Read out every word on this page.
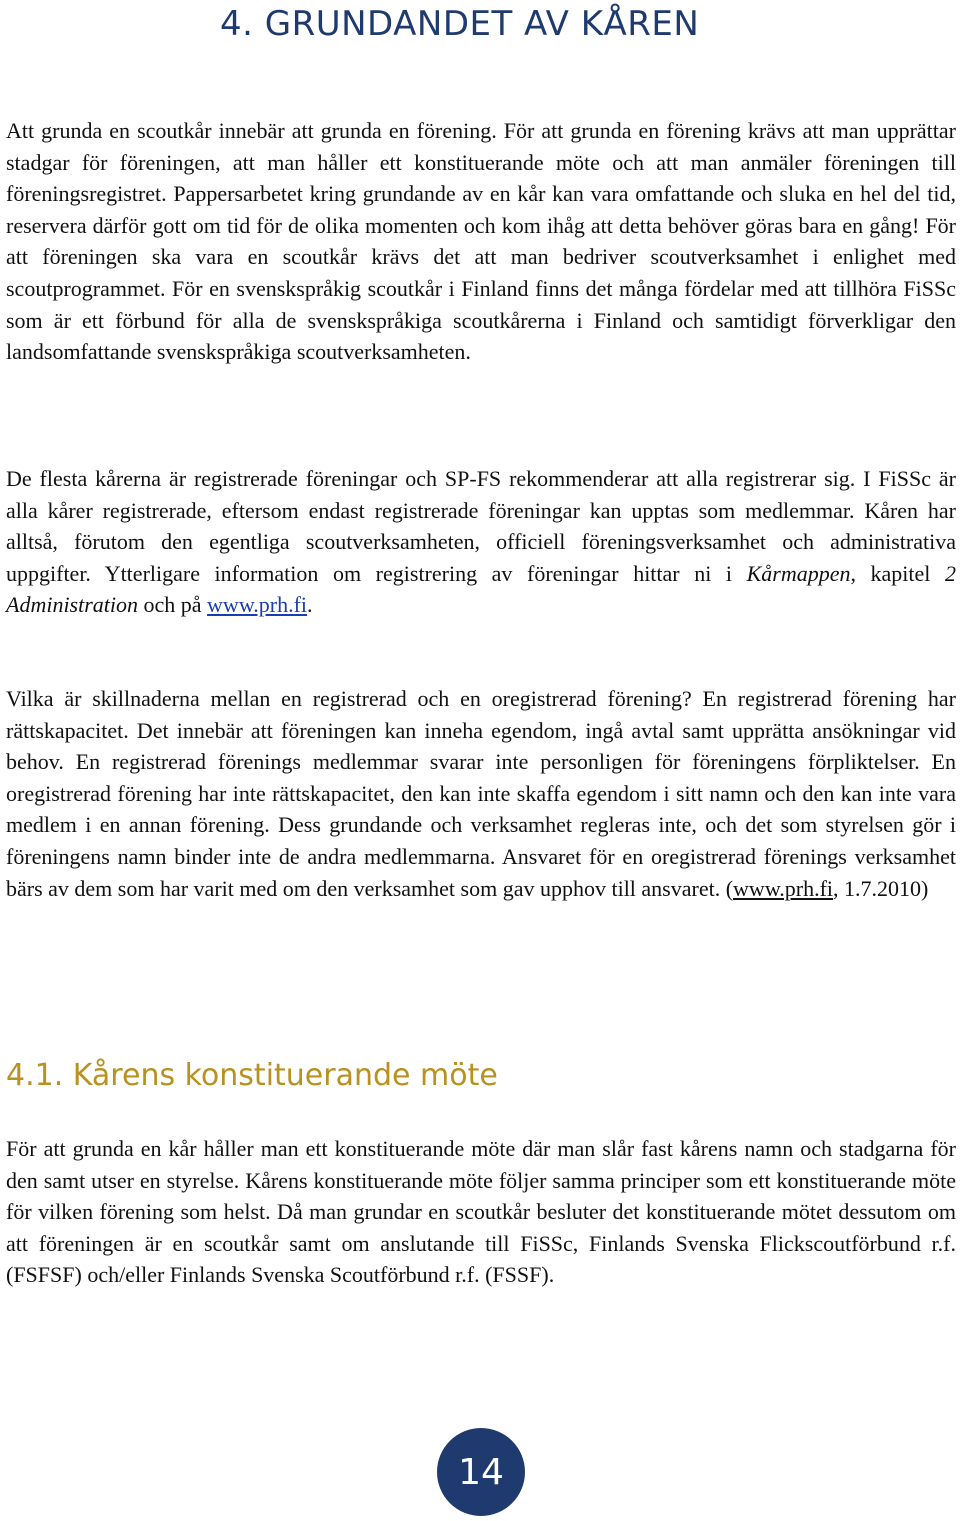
4. GRUNDANDET AV KÅREN

Att grunda en scoutkår innebär att grunda en förening. För att grunda en förening krävs att man upprättar stadgar för föreningen, att man håller ett konstituerande möte och att man anmäler föreningen till föreningsregistret. Pappersarbetet kring grundande av en kår kan vara omfattande och sluka en hel del tid, reservera därför gott om tid för de olika momenten och kom ihåg att detta behöver göras bara en gång! För att föreningen ska vara en scoutkår krävs det att man bedriver scoutverksamhet i enlighet med scoutprogrammet. För en svenskspråkig scoutkår i Finland finns det många fördelar med att tillhöra FiSSc som är ett förbund för alla de svenskspråkiga scoutkårerna i Finland och samtidigt förverkligar den landsomfattande svenskspråkiga scoutverksamheten.

De flesta kårerna är registrerade föreningar och SP-FS rekommenderar att alla registrerar sig. I FiSSc är alla kårer registrerade, eftersom endast registrerade föreningar kan upptas som medlemmar. Kåren har alltså, förutom den egentliga scoutverksamheten, officiell föreningsverksamhet och administrativa uppgifter. Ytterligare information om registrering av föreningar hittar ni i Kårmappen, kapitel 2 Administration och på www.prh.fi.

Vilka är skillnaderna mellan en registrerad och en oregistrerad förening? En registrerad förening har rättskapacitet. Det innebär att föreningen kan inneha egendom, ingå avtal samt upprätta ansökningar vid behov. En registrerad förenings medlemmar svarar inte personligen för föreningens förpliktelser. En oregistrerad förening har inte rättskapacitet, den kan inte skaffa egendom i sitt namn och den kan inte vara medlem i en annan förening. Dess grundande och verksamhet regleras inte, och det som styrelsen gör i föreningens namn binder inte de andra medlemmarna. Ansvaret för en oregistrerad förenings verksamhet bärs av dem som har varit med om den verksamhet som gav upphov till ansvaret. (www.prh.fi, 1.7.2010)

4.1. Kårens konstituerande möte

För att grunda en kår håller man ett konstituerande möte där man slår fast kårens namn och stadgarna för den samt utser en styrelse. Kårens konstituerande möte följer samma principer som ett konstituerande möte för vilken förening som helst. Då man grundar en scoutkår besluter det konstituerande mötet dessutom om att föreningen är en scoutkår samt om anslutande till FiSSc, Finlands Svenska Flickscoutförbund r.f. (FSFSF) och/eller Finlands Svenska Scoutförbund r.f. (FSSF).

14
